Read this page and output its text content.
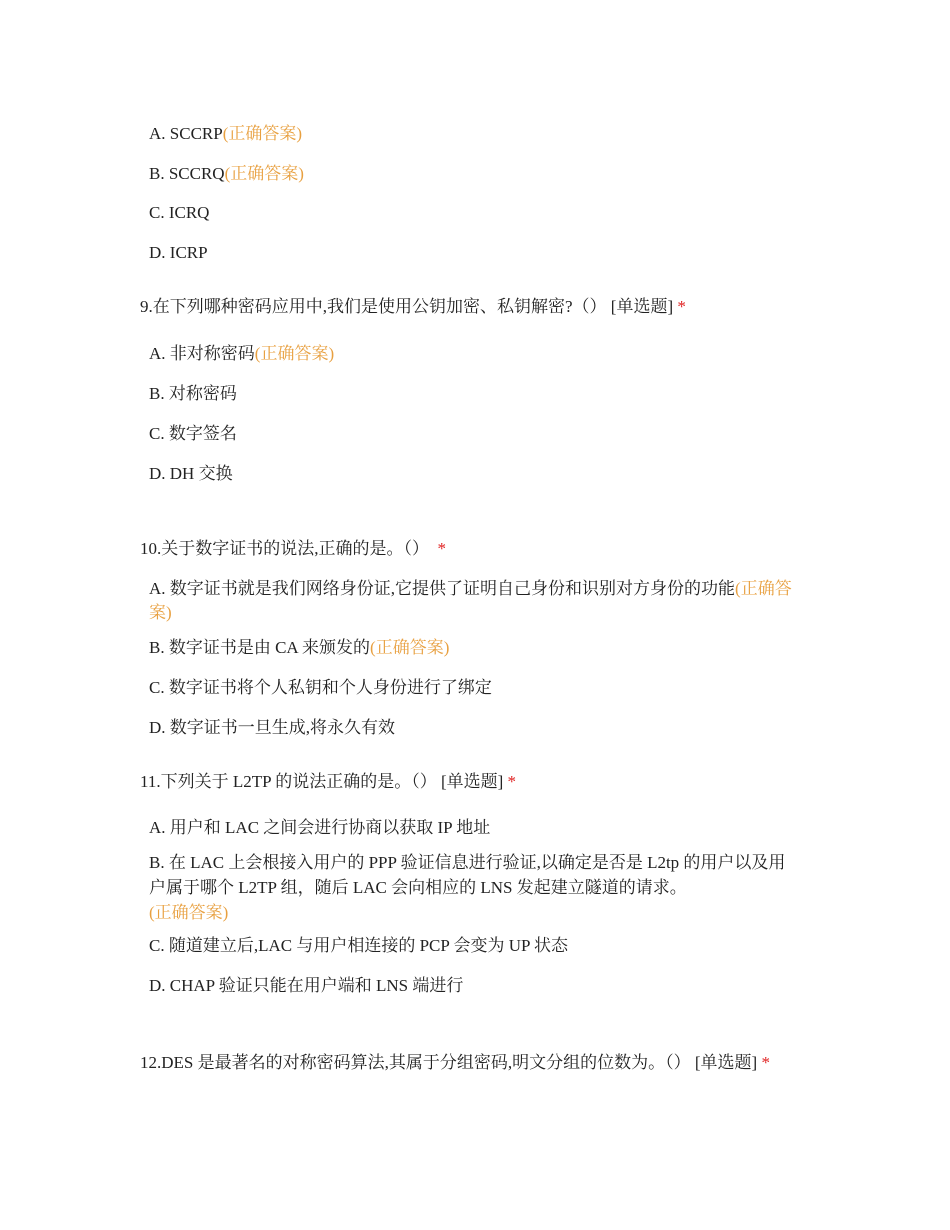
A. SCCRP(正确答案)
B. SCCRQ(正确答案)
C. ICRQ
D. ICRP
9.在下列哪种密码应用中,我们是使用公钥加密、私钥解密?（） [单选题] *
A. 非对称密码(正确答案)
B. 对称密码
C. 数字签名
D. DH 交换
10.关于数字证书的说法,正确的是。（） *
A. 数字证书就是我们网络身份证,它提供了证明自己身份和识别对方身份的功能(正确答案)
B. 数字证书是由 CA 来颁发的(正确答案)
C. 数字证书将个人私钥和个人身份进行了绑定
D. 数字证书一旦生成,将永久有效
11.下列关于 L2TP 的说法正确的是。（） [单选题] *
A. 用户和 LAC 之间会进行协商以获取 IP 地址
B. 在 LAC 上会根接入用户的 PPP 验证信息进行验证,以确定是否是 L2tp 的用户以及用户属于哪个 L2TP 组，随后 LAC 会向相应的 LNS 发起建立隧道的请求。
(正确答案)
C. 随道建立后,LAC 与用户相连接的 PCP 会变为 UP 状态
D. CHAP 验证只能在用户端和 LNS 端进行
12.DES 是最著名的对称密码算法,其属于分组密码,明文分组的位数为。（） [单选题] *
